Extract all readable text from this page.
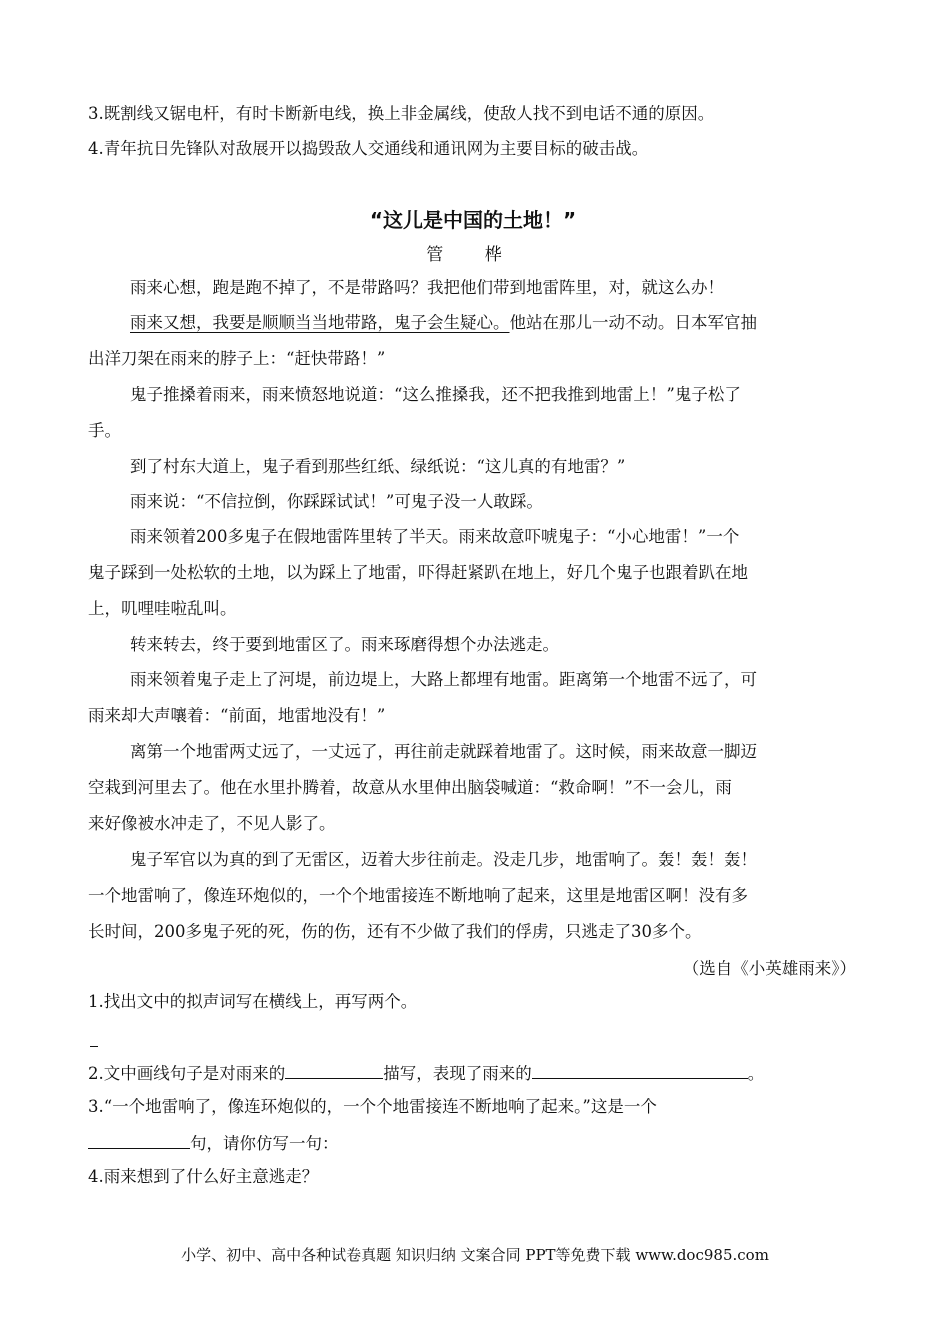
3.既割线又锯电杆，有时卡断新电线，换上非金属线，使敌人找不到电话不通的原因。
4.青年抗日先锋队对敌展开以捣毁敌人交通线和通讯网为主要目标的破击战。
“这儿是中国的土地！”
管 桦
雨来心想，跑是跑不掉了，不是带路吗？我把他们带到地雷阵里，对，就这么办！
雨来又想，我要是顺顺当当地带路，鬼子会生疑心。他站在那儿一动不动。日本军官抽
出洋刀架在雨来的脖子上：“赶快带路！”
鬼子推搡着雨来，雨来愤怒地说道：“这么推搡我，还不把我推到地雷上！”鬼子松了
手。
到了村东大道上，鬼子看到那些红纸、绿纸说：“这儿真的有地雷？”
雨来说：“不信拉倒，你踩踩试试！”可鬼子没一人敢踩。
雨来领着200多鬼子在假地雷阵里转了半天。雨来故意吓唬鬼子：“小心地雷！”一个
鬼子踩到一处松软的土地，以为踩上了地雷，吓得赶紧趴在地上，好几个鬼子也跟着趴在地
上，叽哩哇啦乱叫。
转来转去，终于要到地雷区了。雨来琢磨得想个办法逃走。
雨来领着鬼子走上了河堤，前边堤上，大路上都埋有地雷。距离第一个地雷不远了，可
雨来却大声嚷着：“前面，地雷地没有！”
离第一个地雷两丈远了，一丈远了，再往前走就踩着地雷了。这时候，雨来故意一脚迈
空栽到河里去了。他在水里扑腾着，故意从水里伸出脑袋喊道：“救命啊！”不一会儿，雨
来好像被水冲走了，不见人影了。
鬼子军官以为真的到了无雷区，迈着大步往前走。没走几步，地雷响了。轰！轰！轰！
一个地雷响了，像连环炮似的，一个个地雷接连不断地响了起来，这里是地雷区啊！没有多
长时间，200多鬼子死的死，伤的伤，还有不少做了我们的俘虏，只逃走了30多个。
（选自《小英雄雨来》）
1.找出文中的拟声词写在横线上，再写两个。
2.文中画线句子是对雨来的	描写，表现了雨来的	。
3.“一个地雷响了，像连环炮似的，一个个地雷接连不断地响了起来。”这是一个
句，请你仿写一句：
4.雨来想到了什么好主意逃走？
小学、初中、高中各种试卷真题 知识归纳 文案合同 PPT等免费下载 www.doc985.com
